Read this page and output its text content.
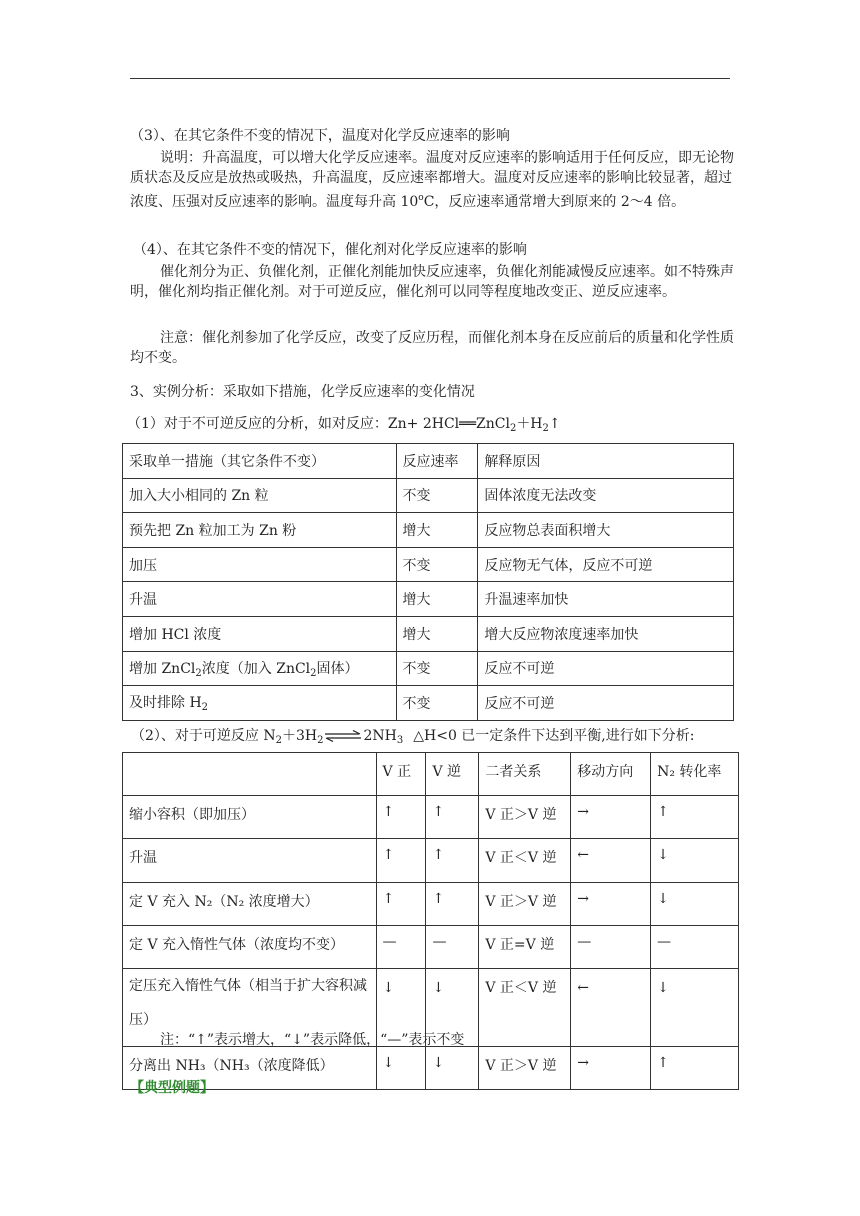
（3）、在其它条件不变的情况下，温度对化学反应速率的影响
说明：升高温度，可以增大化学反应速率。温度对反应速率的影响适用于任何反应，即无论物质状态及反应是放热或吸热，升高温度，反应速率都增大。温度对反应速率的影响比较显著，超过浓度、压强对反应速率的影响。温度每升高 10$^o$C，反应速率通常增大到原来的 2～4 倍。
（4）、在其它条件不变的情况下，催化剂对化学反应速率的影响
催化剂分为正、负催化剂，正催化剂能加快反应速率，负催化剂能减慢反应速率。如不特殊声明，催化剂均指正催化剂。对于可逆反应，催化剂可以同等程度地改变正、逆反应速率。
注意：催化剂参加了化学反应，改变了反应历程，而催化剂本身在反应前后的质量和化学性质均不变。
3、实例分析：采取如下措施，化学反应速率的变化情况
（1）对于不可逆反应的分析，如对反应：$Zn+ 2HCl══ZnCl_2+H_2↑$
采取单一措施（其它条件不变）	反应速率	解释原因
加入大小相同的 Zn 粒	不变	固体浓度无法改变
预先把 Zn 粒加工为 Zn 粉	增大	反应物总表面积增大
加压	不变	反应物无气体，反应不可逆
升温	增大	升温速率加快
增加 HCl 浓度	增大	增大反应物浓度速率加快
增加 ZnCl$_2$浓度（加入 ZnCl$_2$固体）	不变	反应不可逆
及时排除 $H_2$	不变	反应不可逆
（2）、对于可逆反应 $N_2+3H_2\rightleftharpoons 2NH_3$ △H<0 已一定条件下达到平衡,进行如下分析:
	V 正	V 逆	二者关系	移动方向	N₂ 转化率
缩小容积（即加压）	↑	↑	V 正＞V 逆	→	↑
升温	↑	↑	V 正＜V 逆	←	↓
定 V 充入 N₂（N₂ 浓度增大）	↑	↑	V 正＞V 逆	→	↓
定 V 充入惰性气体（浓度均不变）	—	—	V 正=V 逆	—	—
定压充入惰性气体（相当于扩大容积减压）	↓	↓	V 正＜V 逆	←	↓
分离出 NH₃（NH₃（浓度降低）	↓	↓	V 正＞V 逆	→	↑
注：“↑”表示增大，“↓”表示降低，“—”表示不变
【典型例题】
